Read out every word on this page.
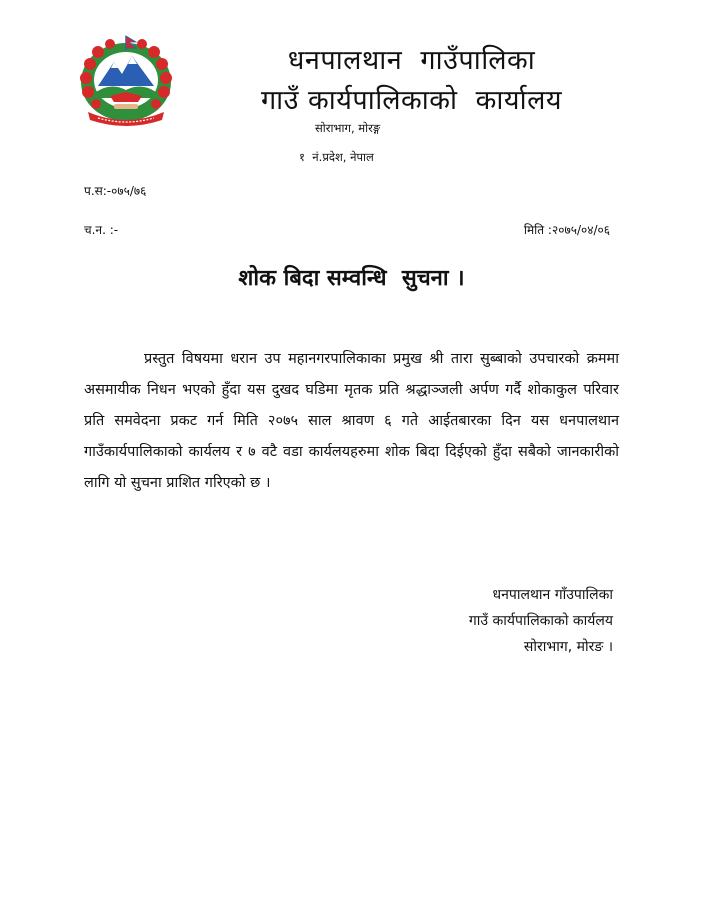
धनपालथान  गाउँपालिका
गाउँ कार्यपालिकाको  कार्यालय
सोराभाग, मोरङ्ग
१  नं.प्रदेश, नेपाल
प.स:-०७५/७६
च.न. :-	मिति :२०७५/०४/०६
शोक बिदा सम्वन्धि  सुचना ।

प्रस्तुत विषयमा धरान उप महानगरपालिकाका प्रमुख श्री तारा सुब्बाको उपचारको क्रममा असमायीक निधन भएको हुँदा यस दुखद घडिमा मृतक प्रति श्रद्धाञ्जली अर्पण गर्दै शोकाकुल परिवार प्रति समवेदना प्रकट गर्न मिति २०७५ साल श्रावण ६ गते आईतबारका दिन यस धनपालथान गाउँकार्यपालिकाको कार्यलय र ७ वटै वडा कार्यलयहरुमा शोक बिदा दिईएको हुँदा सबैको जानकारीको लागि यो सुचना प्राशित गरिएको छ ।

धनपालथान गाँउपालिका
गाउँ कार्यपालिकाको कार्यलय
सोराभाग, मोरङ ।
